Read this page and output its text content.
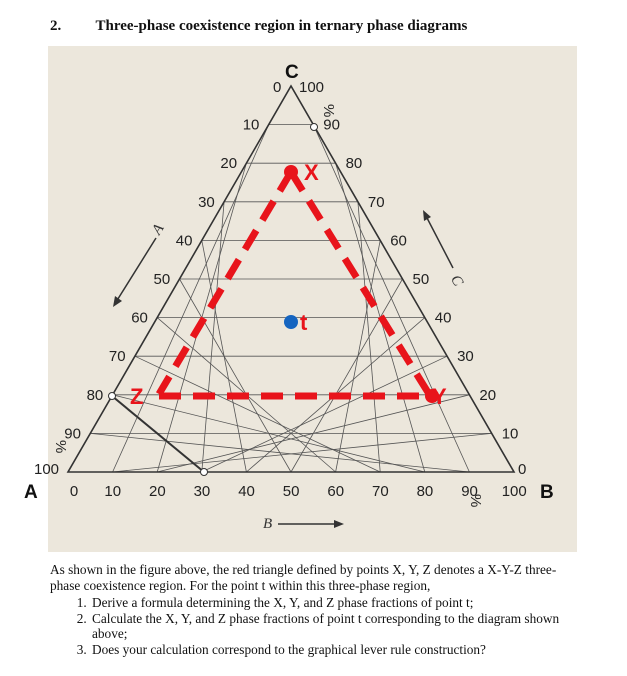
2. Three-phase coexistence region in ternary phase diagrams
X
Y
Z
t
0
10
20
30
40
50
60
70
80
90
100
100
90
80
70
60
50
40
30
20
10
0
0 10 20 30 40 50 60 70 80 90 100
%
%
%
A	B
C
B
A
C

As shown in the figure above, the red triangle defined by points X, Y, Z denotes a X-Y-Z three-phase coexistence region. For the point t within this three-phase region,

1. Derive a formula determining the X, Y, and Z phase fractions of point t;
2. Calculate the X, Y, and Z phase fractions of point t corresponding to the diagram shown above;
3. Does your calculation correspond to the graphical lever rule construction?
